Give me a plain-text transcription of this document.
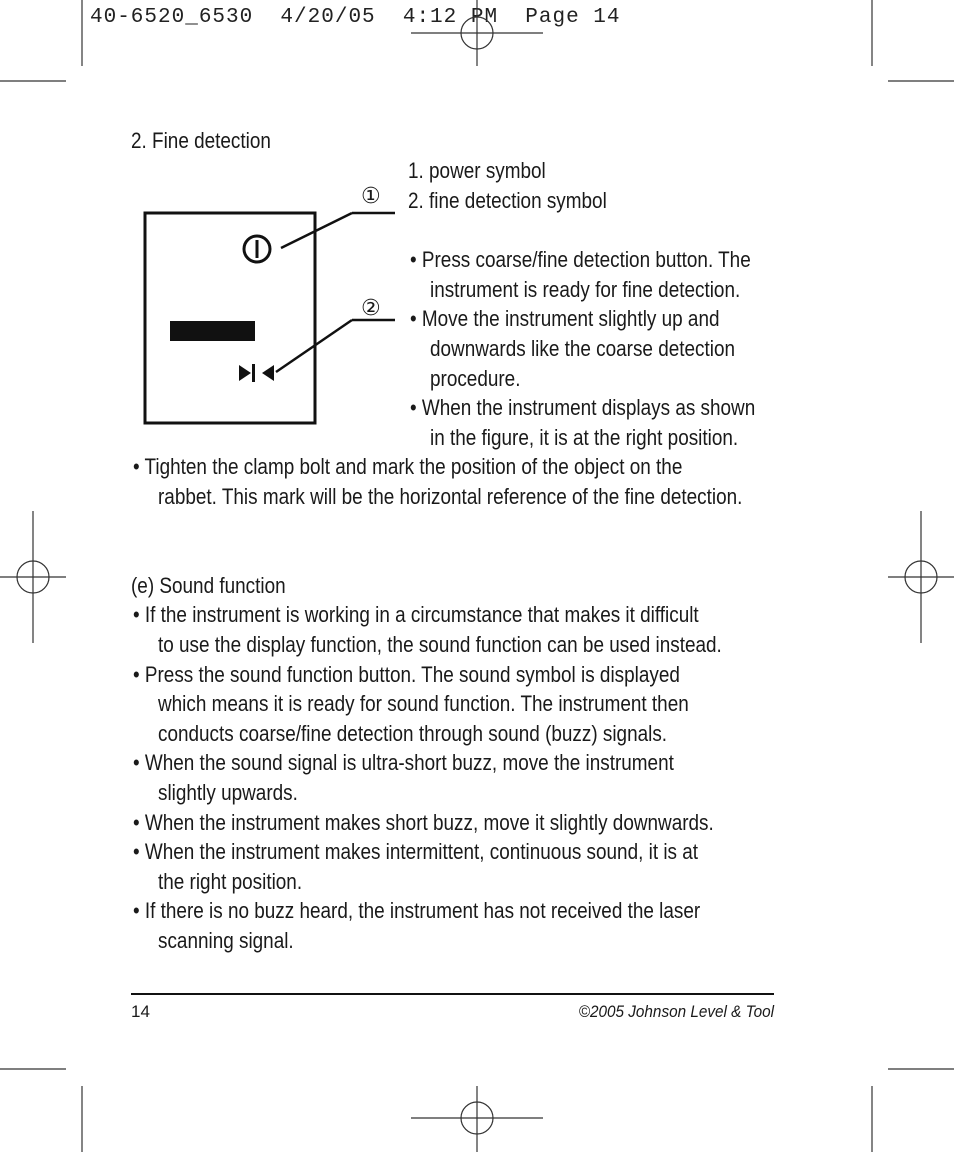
40-6520_6530  4/20/05  4:12 PM  Page 14
2. Fine detection
1. power symbol
2. fine detection symbol
①
②
• Press coarse/fine detection button. The
instrument is ready for fine detection.
• Move the instrument slightly up and
downwards like the coarse detection
procedure.
• When the instrument displays as shown
in the figure, it is at the right position.
• Tighten the clamp bolt and mark the position of the object on the
rabbet. This mark will be the horizontal reference of the fine detection.
(e) Sound function
• If the instrument is working in a circumstance that makes it difficult
to use the display function, the sound function can be used instead.
• Press the sound function button. The sound symbol is displayed
which means it is ready for sound function. The instrument then
conducts coarse/fine detection through sound (buzz) signals.
• When the sound signal is ultra-short buzz, move the instrument
slightly upwards.
• When the instrument makes short buzz, move it slightly downwards.
• When the instrument makes intermittent, continuous sound, it is at
the right position.
• If there is no buzz heard, the instrument has not received the laser
scanning signal.
14	©2005 Johnson Level & Tool
